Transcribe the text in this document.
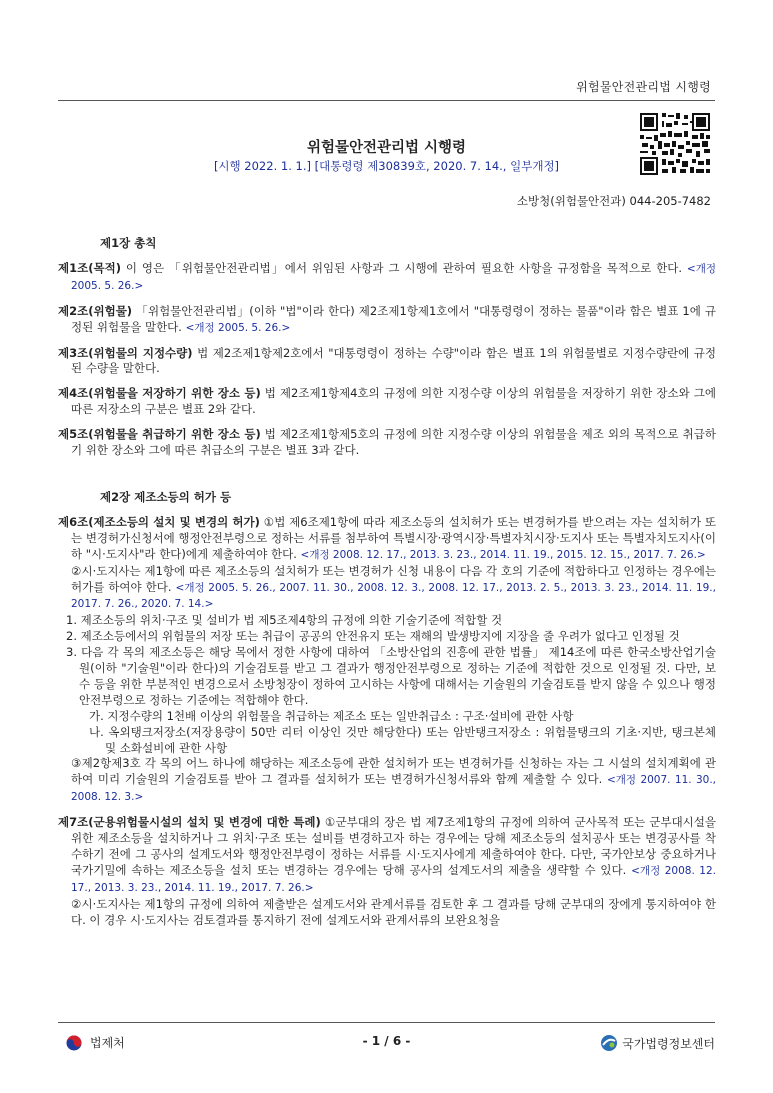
위험물안전관리법 시행령
위험물안전관리법 시행령
[시행 2022. 1. 1.] [대통령령 제30839호, 2020. 7. 14., 일부개정]
소방청(위험물안전과) 044-205-7482

제1장 총칙

제1조(목적) 이 영은 「위험물안전관리법」에서 위임된 사항과 그 시행에 관하여 필요한 사항을 규정함을 목적으로 한다. <개정 2005. 5. 26.>

제2조(위험물) 「위험물안전관리법」(이하 "법"이라 한다) 제2조제1항제1호에서 "대통령령이 정하는 물품"이라 함은 별표 1에 규정된 위험물을 말한다. <개정 2005. 5. 26.>

제3조(위험물의 지정수량) 법 제2조제1항제2호에서 "대통령령이 정하는 수량"이라 함은 별표 1의 위험물별로 지정수량란에 규정된 수량을 말한다.

제4조(위험물을 저장하기 위한 장소 등) 법 제2조제1항제4호의 규정에 의한 지정수량 이상의 위험물을 저장하기 위한 장소와 그에 따른 저장소의 구분은 별표 2와 같다.

제5조(위험물을 취급하기 위한 장소 등) 법 제2조제1항제5호의 규정에 의한 지정수량 이상의 위험물을 제조 외의 목적으로 취급하기 위한 장소와 그에 따른 취급소의 구분은 별표 3과 같다.

제2장 제조소등의 허가 등

제6조(제조소등의 설치 및 변경의 허가) ①법 제6조제1항에 따라 제조소등의 설치허가 또는 변경허가를 받으려는 자는 설치허가 또는 변경허가신청서에 행정안전부령으로 정하는 서류를 첨부하여 특별시장·광역시장·특별자치시장·도지사 또는 특별자치도지사(이하 "시·도지사"라 한다)에게 제출하여야 한다. <개정 2008. 12. 17., 2013. 3. 23., 2014. 11. 19., 2015. 12. 15., 2017. 7. 26.>

②시·도지사는 제1항에 따른 제조소등의 설치허가 또는 변경허가 신청 내용이 다음 각 호의 기준에 적합하다고 인정하는 경우에는 허가를 하여야 한다. <개정 2005. 5. 26., 2007. 11. 30., 2008. 12. 3., 2008. 12. 17., 2013. 2. 5., 2013. 3. 23., 2014. 11. 19., 2017. 7. 26., 2020. 7. 14.>

1. 제조소등의 위치·구조 및 설비가 법 제5조제4항의 규정에 의한 기술기준에 적합할 것

2. 제조소등에서의 위험물의 저장 또는 취급이 공공의 안전유지 또는 재해의 발생방지에 지장을 줄 우려가 없다고 인정될 것

3. 다음 각 목의 제조소등은 해당 목에서 정한 사항에 대하여 「소방산업의 진흥에 관한 법률」 제14조에 따른 한국소방산업기술원(이하 "기술원"이라 한다)의 기술검토를 받고 그 결과가 행정안전부령으로 정하는 기준에 적합한 것으로 인정될 것. 다만, 보수 등을 위한 부분적인 변경으로서 소방청장이 정하여 고시하는 사항에 대해서는 기술원의 기술검토를 받지 않을 수 있으나 행정안전부령으로 정하는 기준에는 적합해야 한다.

가. 지정수량의 1천배 이상의 위험물을 취급하는 제조소 또는 일반취급소 : 구조·설비에 관한 사항

나. 옥외탱크저장소(저장용량이 50만 리터 이상인 것만 해당한다) 또는 암반탱크저장소 : 위험물탱크의 기초·지반, 탱크본체 및 소화설비에 관한 사항

③제2항제3호 각 목의 어느 하나에 해당하는 제조소등에 관한 설치허가 또는 변경허가를 신청하는 자는 그 시설의 설치계획에 관하여 미리 기술원의 기술검토를 받아 그 결과를 설치허가 또는 변경허가신청서류와 함께 제출할 수 있다. <개정 2007. 11. 30., 2008. 12. 3.>

제7조(군용위험물시설의 설치 및 변경에 대한 특례) ①군부대의 장은 법 제7조제1항의 규정에 의하여 군사목적 또는 군부대시설을 위한 제조소등을 설치하거나 그 위치·구조 또는 설비를 변경하고자 하는 경우에는 당해 제조소등의 설치공사 또는 변경공사를 착수하기 전에 그 공사의 설계도서와 행정안전부령이 정하는 서류를 시·도지사에게 제출하여야 한다. 다만, 국가안보상 중요하거나 국가기밀에 속하는 제조소등을 설치 또는 변경하는 경우에는 당해 공사의 설계도서의 제출을 생략할 수 있다. <개정 2008. 12. 17., 2013. 3. 23., 2014. 11. 19., 2017. 7. 26.>

②시·도지사는 제1항의 규정에 의하여 제출받은 설계도서와 관계서류를 검토한 후 그 결과를 당해 군부대의 장에게 통지하여야 한다. 이 경우 시·도지사는 검토결과를 통지하기 전에 설계도서와 관계서류의 보완요청을

법제처	- 1 / 6 -	국가법령정보센터
